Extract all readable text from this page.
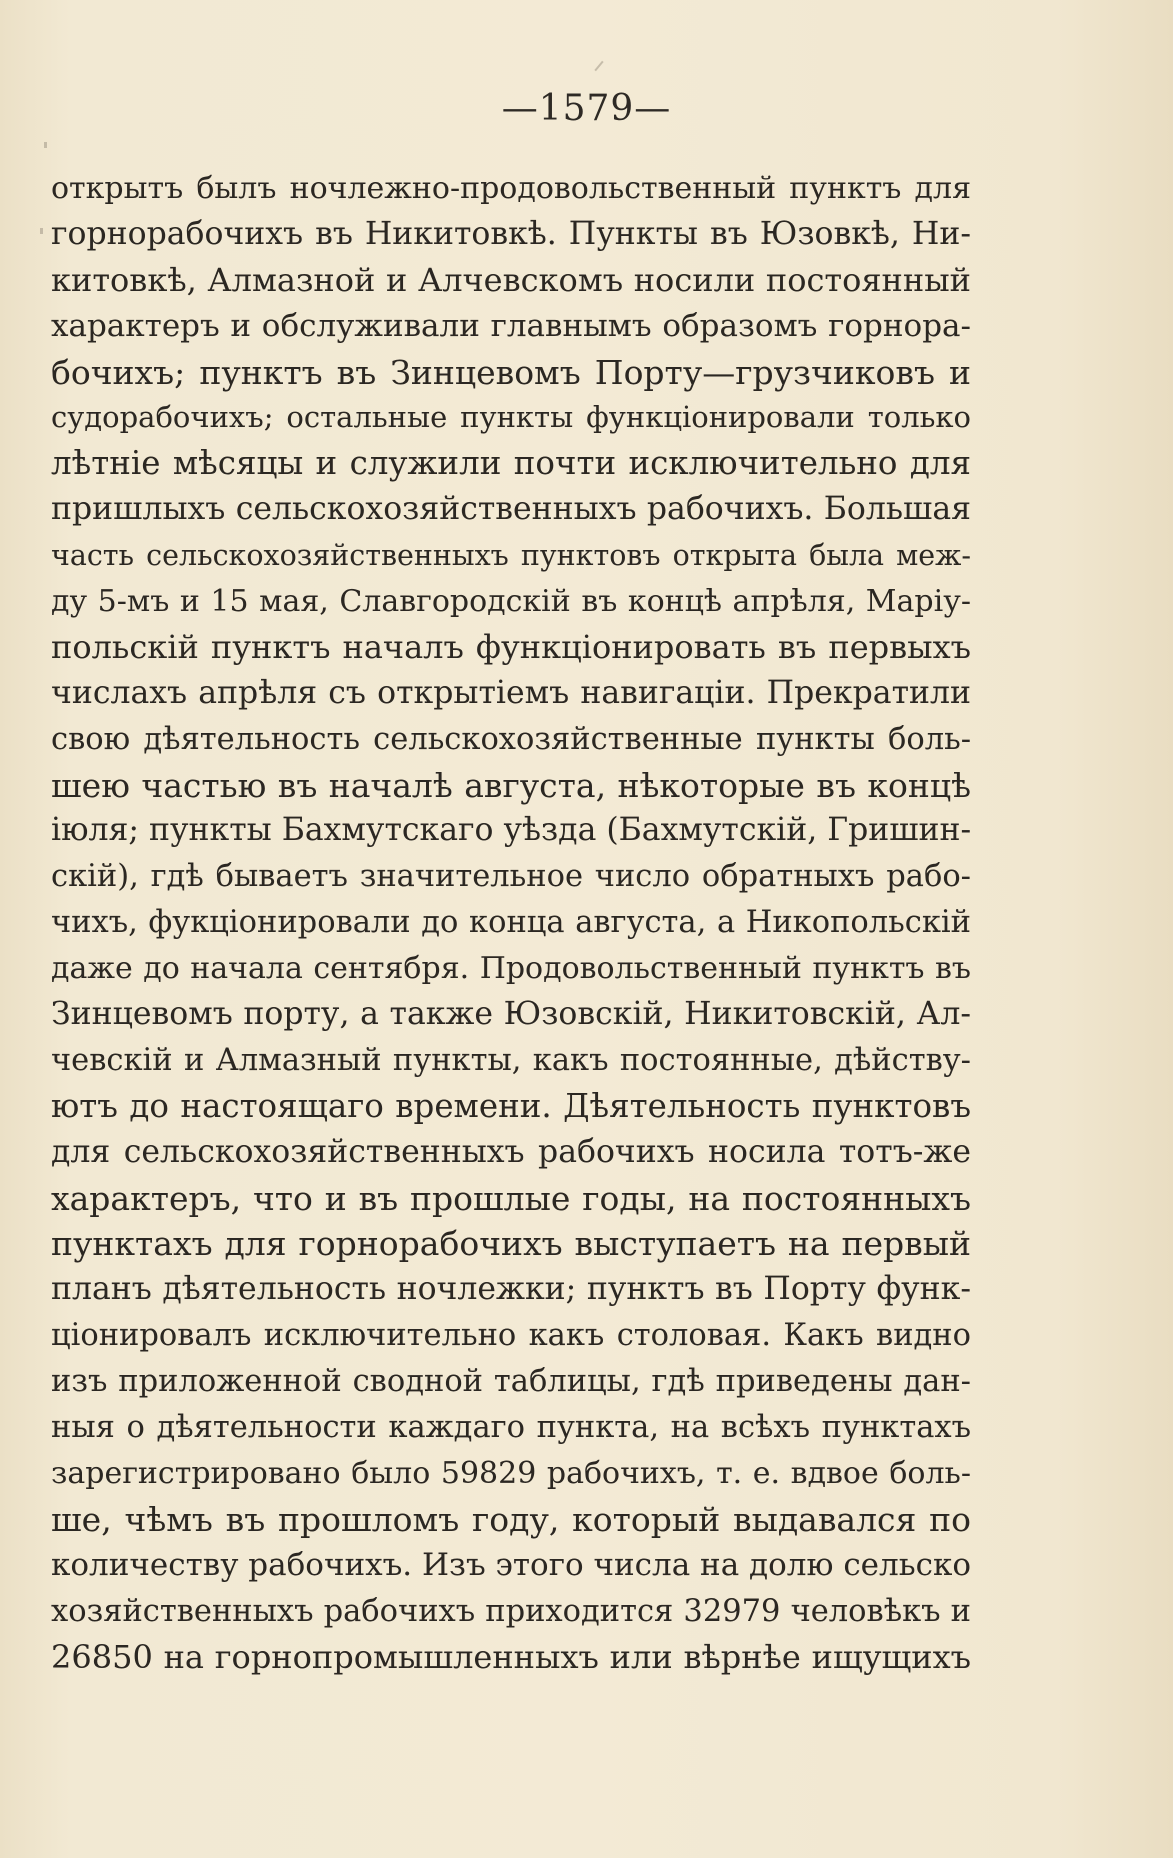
—1579—
открытъ былъ ночлежно-продовольственный пунктъ для
горнорабочихъ въ Никитовкѣ. Пункты въ Юзовкѣ, Ни-
китовкѣ, Алмазной и Алчевскомъ носили постоянный
характеръ и обслуживали главнымъ образомъ горнора-
бочихъ; пунктъ въ Зинцевомъ Порту—грузчиковъ и
судорабочихъ; остальные пункты функціонировали только
лѣтніе мѣсяцы и служили почти исключительно для
пришлыхъ сельскохозяйственныхъ рабочихъ. Большая
часть сельскохозяйственныхъ пунктовъ открыта была меж-
ду 5-мъ и 15 мая, Славгородскій въ концѣ апрѣля, Маріу-
польскій пунктъ началъ функціонировать въ первыхъ
числахъ апрѣля съ открытіемъ навигаціи. Прекратили
свою дѣятельность сельскохозяйственные пункты боль-
шею частью въ началѣ августа, нѣкоторые въ концѣ
іюля; пункты Бахмутскаго уѣзда (Бахмутскій, Гришин-
скій), гдѣ бываетъ значительное число обратныхъ рабо-
чихъ, фукціонировали до конца августа, а Никопольскій
даже до начала сентября. Продовольственный пунктъ въ
Зинцевомъ порту, а также Юзовскій, Никитовскій, Ал-
чевскій и Алмазный пункты, какъ постоянные, дѣйству-
ютъ до настоящаго времени. Дѣятельность пунктовъ
для сельскохозяйственныхъ рабочихъ носила тотъ-же
характеръ, что и въ прошлые годы, на постоянныхъ
пунктахъ для горнорабочихъ выступаетъ на первый
планъ дѣятельность ночлежки; пунктъ въ Порту функ-
ціонировалъ исключительно какъ столовая. Какъ видно
изъ приложенной сводной таблицы, гдѣ приведены дан-
ныя о дѣятельности каждаго пункта, на всѣхъ пунктахъ
зарегистрировано было 59829 рабочихъ, т. е. вдвое боль-
ше, чѣмъ въ прошломъ году, который выдавался по
количеству рабочихъ. Изъ этого числа на долю сельско
хозяйственныхъ рабочихъ приходится 32979 человѣкъ и
26850 на горнопромышленныхъ или вѣрнѣе ищущихъ
